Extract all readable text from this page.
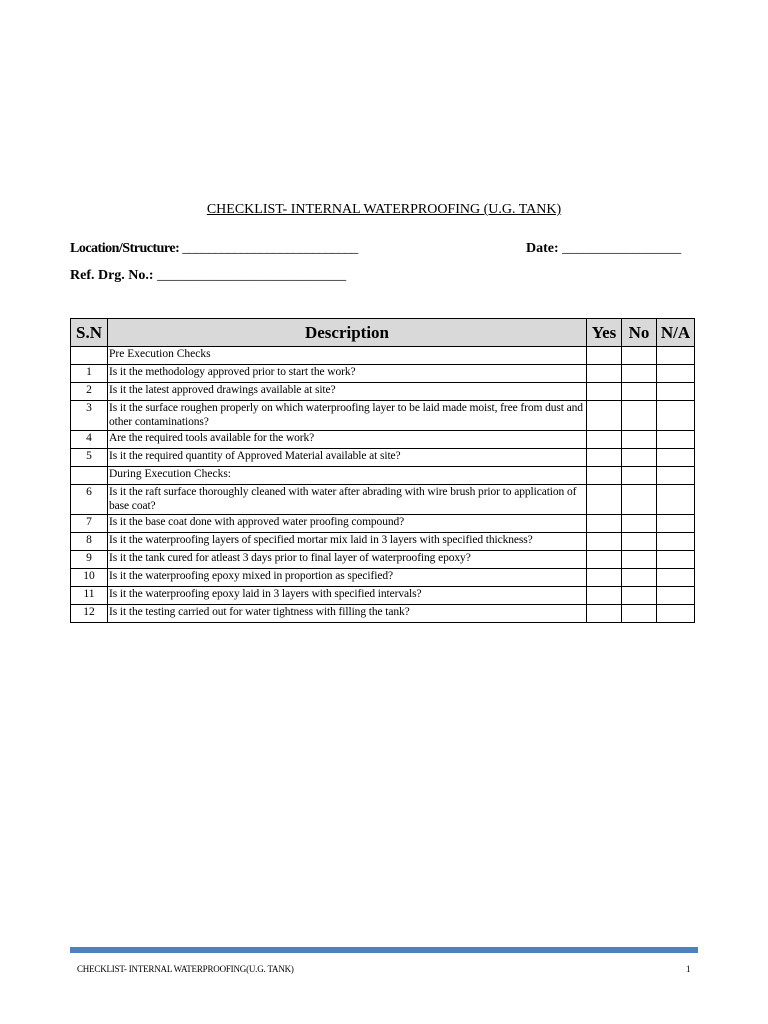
CHECKLIST- INTERNAL WATERPROOFING (U.G. TANK)
Location/Structure: ___________________________	Date: _________________
Ref. Drg. No.: ___________________________
S.N	Description	Yes	No	N/A
	Pre Execution Checks			
1	Is it the methodology approved prior to start the work?			
2	Is it the latest approved drawings available at site?			
3	Is it the surface roughen properly on which waterproofing layer to be laid made moist, free from dust and other contaminations?			
4	Are the required tools available for the work?			
5	Is it the required quantity of Approved Material available at site?			
	During Execution Checks:			
6	Is it the raft surface thoroughly cleaned with water after abrading with wire brush prior to application of base coat?			
7	Is it the base coat done with approved water proofing compound?			
8	Is it the waterproofing layers of specified mortar mix laid in 3 layers with specified thickness?			
9	Is it the tank cured for atleast 3 days prior to final layer of waterproofing epoxy?			
10	Is it the waterproofing epoxy mixed in proportion as specified?			
11	Is it the waterproofing epoxy laid in 3 layers with specified intervals?			
12	Is it the testing carried out for water tightness with filling the tank?			
CHECKLIST- INTERNAL WATERPROOFING(U.G. TANK)	1
